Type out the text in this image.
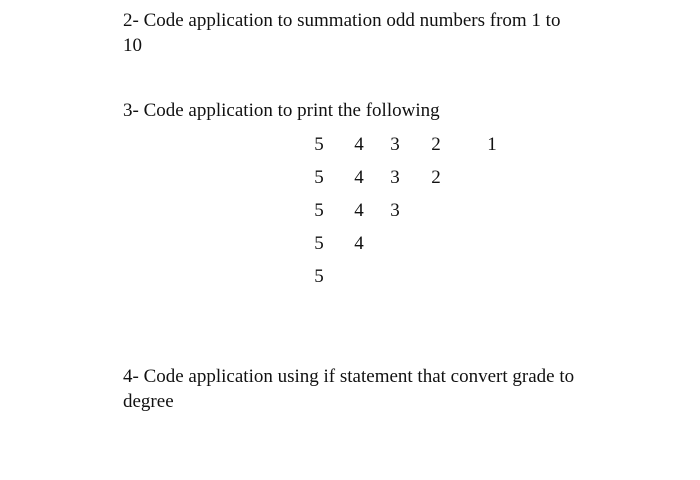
2- Code application to summation odd numbers from 1 to

10

3- Code application to print the following

5 4 3 2 1
5 4 3 2
5 4 3
5 4
5

4- Code application using if statement that convert grade to

degree
